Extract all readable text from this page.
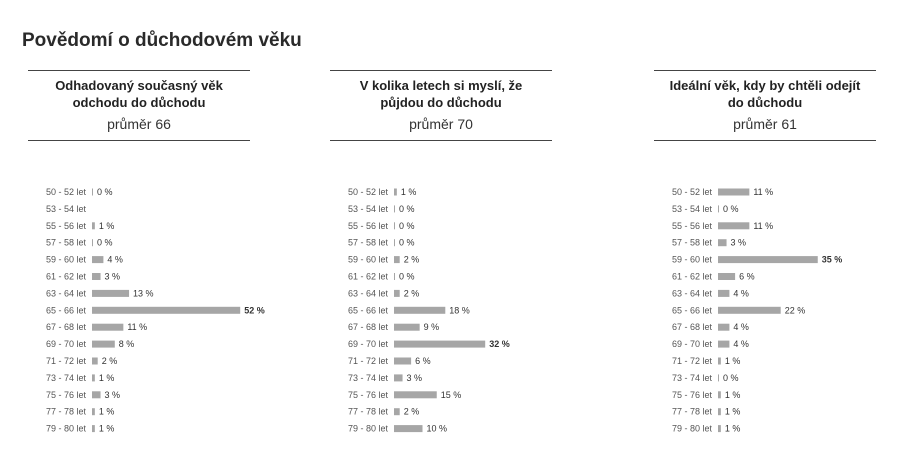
Povědomí o důchodovém věku
Odhadovaný současný věk
odchodu do důchodu
průměr 66
V kolika letech si myslí, že
půjdou do důchodu
průměr 70
Ideální věk, kdy by chtěli odejít
do důchodu
průměr 61
50 - 52 let 0 %
53 - 54 let
55 - 56 let 1 %
57 - 58 let 0 %
59 - 60 let 4 %
61 - 62 let 3 %
63 - 64 let	13 %
65 - 66 let	52 %
67 - 68 let	11 %
69 - 70 let	8 %
71 - 72 let 2 %
73 - 74 let 1 %
75 - 76 let 3 %
77 - 78 let 1 %
79 - 80 let 1 %
50 - 52 let 1 %
53 - 54 let 0 %
55 - 56 let 0 %
57 - 58 let 0 %
59 - 60 let 2 %
61 - 62 let 0 %
63 - 64 let 2 %
65 - 66 let	18 %
67 - 68 let	9 %
69 - 70 let	32 %
71 - 72 let	6 %
73 - 74 let 3 %
75 - 76 let	15 %
77 - 78 let 2 %
79 - 80 let	10 %
50 - 52 let	11 %
53 - 54 let 0 %
55 - 56 let	11 %
57 - 58 let 3 %
59 - 60 let	35 %
61 - 62 let	6 %
63 - 64 let 4 %
65 - 66 let	22 %
67 - 68 let 4 %
69 - 70 let 4 %
71 - 72 let 1 %
73 - 74 let 0 %
75 - 76 let 1 %
77 - 78 let 1 %
79 - 80 let 1 %
